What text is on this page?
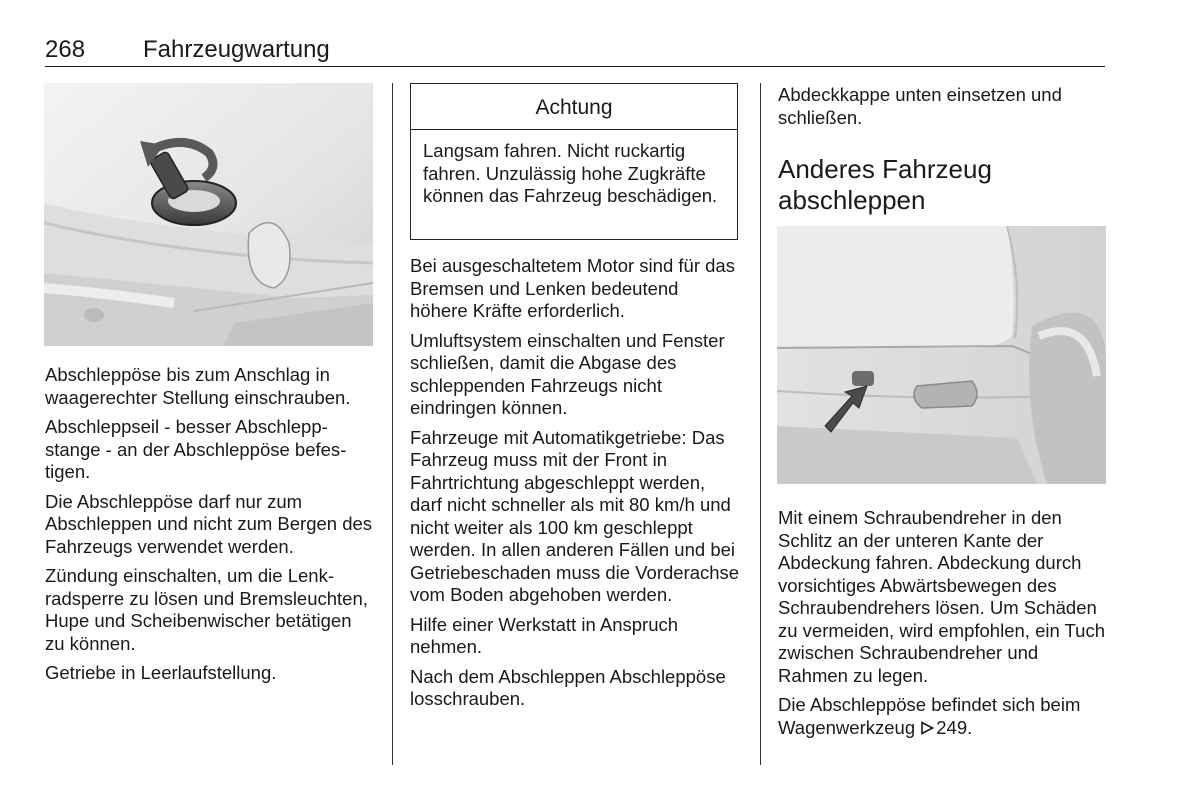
268 Fahrzeugwartung

Abschleppöse bis zum Anschlag in waagerechter Stellung einschrauben.

Abschleppseil - besser Abschleppstange - an der Abschleppöse befestigen.

Die Abschleppöse darf nur zum Abschleppen und nicht zum Bergen des Fahrzeugs verwendet werden.

Zündung einschalten, um die Lenkradsperre zu lösen und Bremsleuchten, Hupe und Scheibenwischer betätigen zu können.

Getriebe in Leerlaufstellung.

Achtung
Langsam fahren. Nicht ruckartig fahren. Unzulässig hohe Zugkräfte können das Fahrzeug beschädigen.

Bei ausgeschaltetem Motor sind für das Bremsen und Lenken bedeutend höhere Kräfte erforderlich.

Umluftsystem einschalten und Fenster schließen, damit die Abgase des schleppenden Fahrzeugs nicht eindringen können.

Fahrzeuge mit Automatikgetriebe: Das Fahrzeug muss mit der Front in Fahrtrichtung abgeschleppt werden, darf nicht schneller als mit 80 km/h und nicht weiter als 100 km geschleppt werden. In allen anderen Fällen und bei Getriebeschaden muss die Vorderachse vom Boden abgehoben werden.

Hilfe einer Werkstatt in Anspruch nehmen.

Nach dem Abschleppen Abschleppöse losschrauben.

Abdeckkappe unten einsetzen und schließen.

Anderes Fahrzeug abschleppen

Mit einem Schraubendreher in den Schlitz an der unteren Kante der Abdeckung fahren. Abdeckung durch vorsichtiges Abwärtsbewegen des Schraubendrehers lösen. Um Schäden zu vermeiden, wird empfohlen, ein Tuch zwischen Schraubendreher und Rahmen zu legen.

Die Abschleppöse befindet sich beim Wagenwerkzeug 249.
